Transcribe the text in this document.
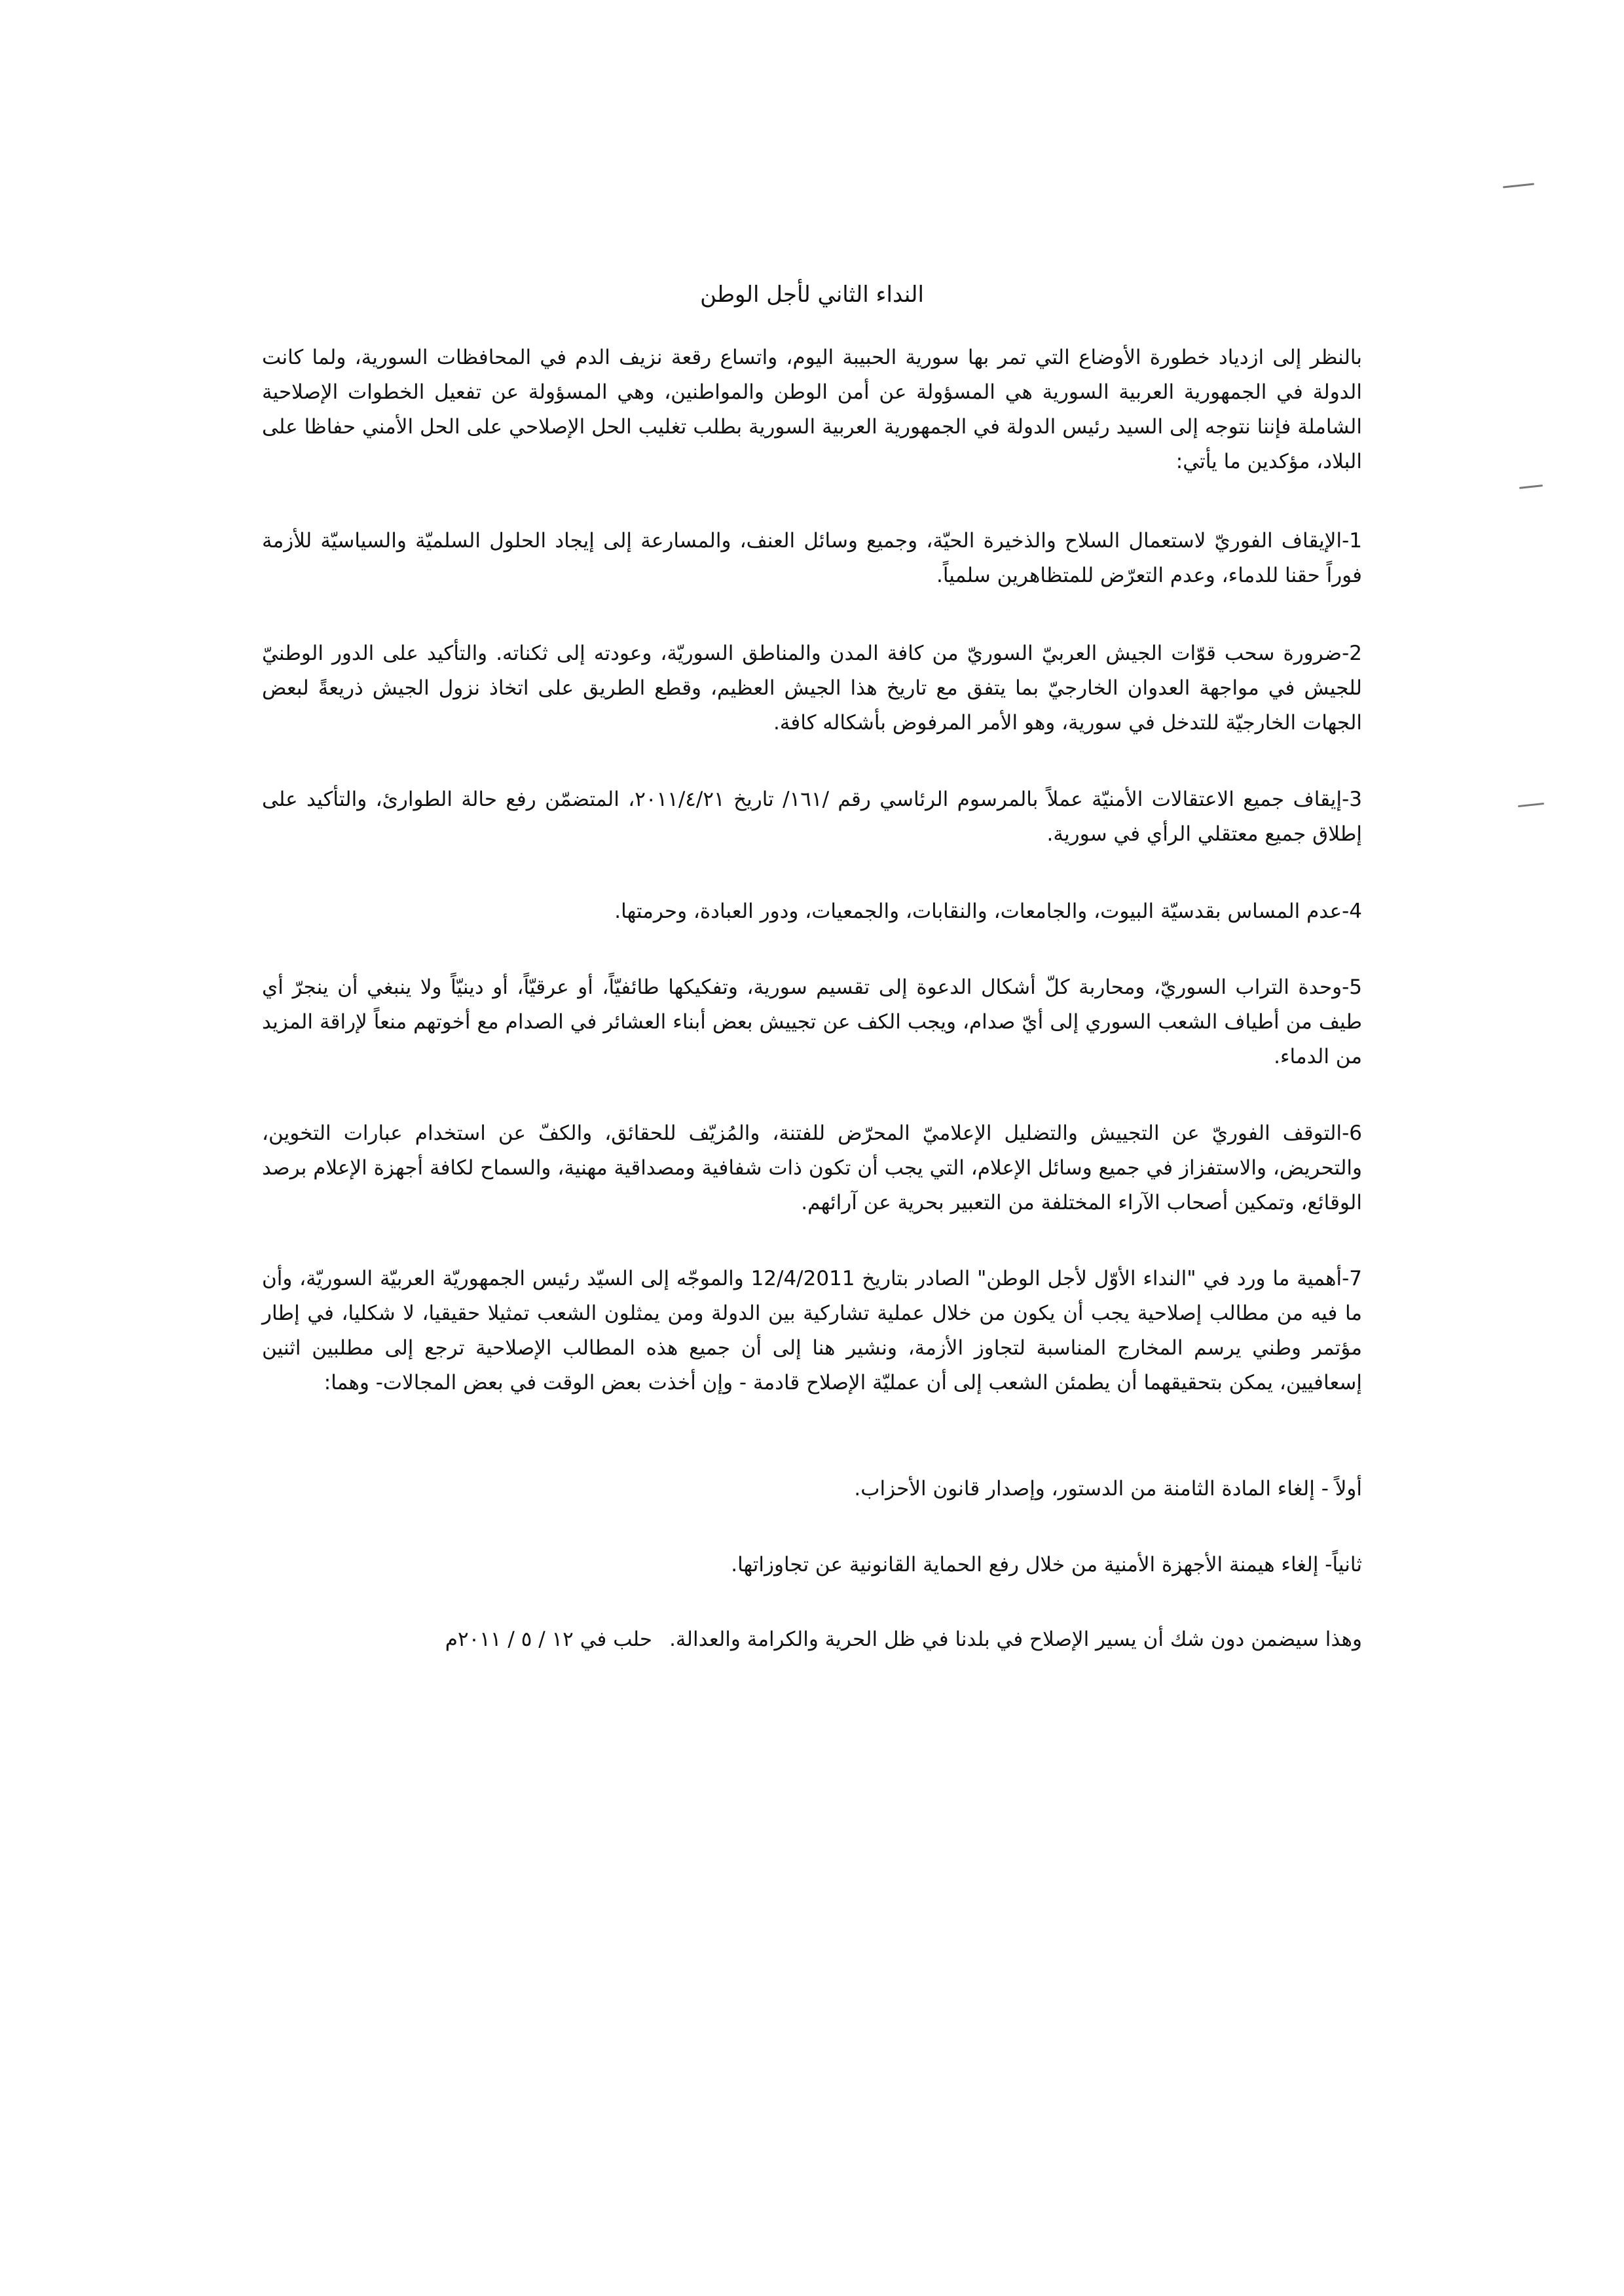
النداء الثاني لأجل الوطن

بالنظر إلى ازدياد خطورة الأوضاع التي تمر بها سورية الحبيبة اليوم، واتساع رقعة نزيف الدم في المحافظات السورية، ولما كانت الدولة في الجمهورية العربية السورية هي المسؤولة عن أمن الوطن والمواطنين، وهي المسؤولة عن تفعيل الخطوات الإصلاحية الشاملة فإننا نتوجه إلى السيد رئيس الدولة في الجمهورية العربية السورية بطلب تغليب الحل الإصلاحي على الحل الأمني حفاظا على البلاد، مؤكدين ما يأتي:

1-الإيقاف الفوريّ لاستعمال السلاح والذخيرة الحيّة، وجميع وسائل العنف، والمسارعة إلى إيجاد الحلول السلميّة والسياسيّة للأزمة فوراً حقنا للدماء، وعدم التعرّض للمتظاهرين سلمياً.

2-ضرورة سحب قوّات الجيش العربيّ السوريّ من كافة المدن والمناطق السوريّة، وعودته إلى ثكناته. والتأكيد على الدور الوطنيّ للجيش في مواجهة العدوان الخارجيّ بما يتفق مع تاريخ هذا الجيش العظيم، وقطع الطريق على اتخاذ نزول الجيش ذريعةً لبعض الجهات الخارجيّة للتدخل في سورية، وهو الأمر المرفوض بأشكاله كافة.

3-إيقاف جميع الاعتقالات الأمنيّة عملاً بالمرسوم الرئاسي رقم /١٦١/ تاريخ ٢٠١١/٤/٢١، المتضمّن رفع حالة الطوارئ، والتأكيد على إطلاق جميع معتقلي الرأي في سورية.

4-عدم المساس بقدسيّة البيوت، والجامعات، والنقابات، والجمعيات، ودور العبادة، وحرمتها.

5-وحدة التراب السوريّ، ومحاربة كلّ أشكال الدعوة إلى تقسيم سورية، وتفكيكها طائفيّاً، أو عرقيّاً، أو دينيّاً ولا ينبغي أن ينجرّ أي طيف من أطياف الشعب السوري إلى أيّ صدام، ويجب الكف عن تجييش بعض أبناء العشائر في الصدام مع أخوتهم منعاً لإراقة المزيد من الدماء.

6-التوقف الفوريّ عن التجييش والتضليل الإعلاميّ المحرّض للفتنة، والمُزيّف للحقائق، والكفّ عن استخدام عبارات التخوين، والتحريض، والاستفزاز في جميع وسائل الإعلام، التي يجب أن تكون ذات شفافية ومصداقية مهنية، والسماح لكافة أجهزة الإعلام برصد الوقائع، وتمكين أصحاب الآراء المختلفة من التعبير بحرية عن آرائهم.

7-أهمية ما ورد في "النداء الأوّل لأجل الوطن" الصادر بتاريخ 12/4/2011 والموجّه إلى السيّد رئيس الجمهوريّة العربيّة السوريّة، وأن ما فيه من مطالب إصلاحية يجب أن يكون من خلال عملية تشاركية بين الدولة ومن يمثلون الشعب تمثيلا حقيقيا، لا شكليا، في إطار مؤتمر وطني يرسم المخارج المناسبة لتجاوز الأزمة، ونشير هنا إلى أن جميع هذه المطالب الإصلاحية ترجع إلى مطلبين اثنين إسعافيين، يمكن بتحقيقهما أن يطمئن الشعب إلى أن عمليّة الإصلاح قادمة - وإن أخذت بعض الوقت في بعض المجالات- وهما:

أولاً - إلغاء المادة الثامنة من الدستور، وإصدار قانون الأحزاب.

ثانياً- إلغاء هيمنة الأجهزة الأمنية من خلال رفع الحماية القانونية عن تجاوزاتها.

وهذا سيضمن دون شك أن يسير الإصلاح في بلدنا في ظل الحرية والكرامة والعدالة.حلب في ١٢ / ٥ / ٢٠١١م
